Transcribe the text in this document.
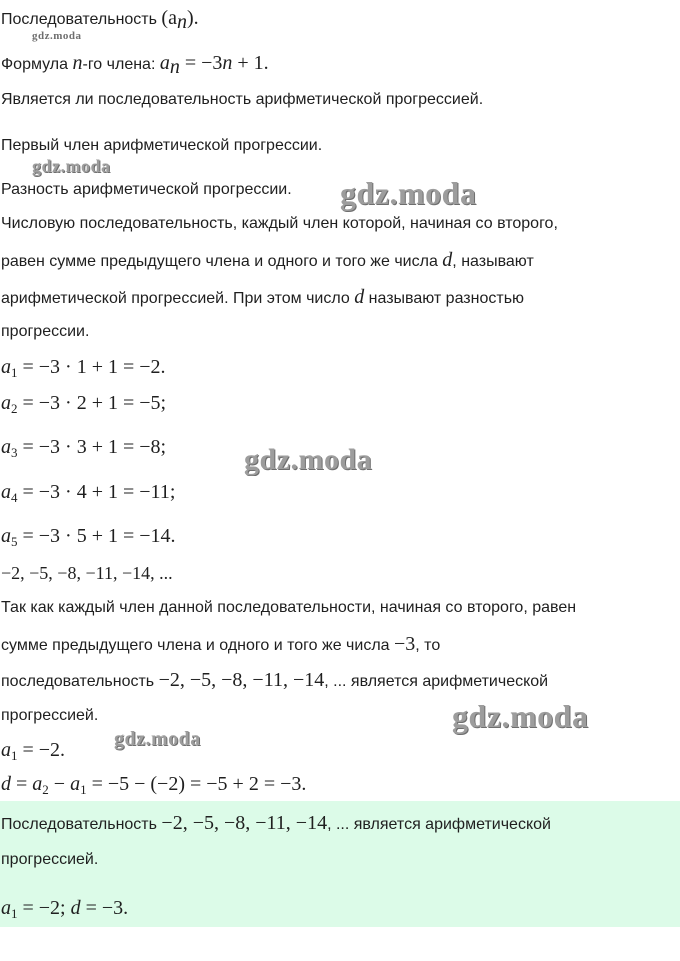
Последовательность $(a_n)$.
Формула n-го члена: $a_n = -3n + 1$.
Является ли последовательность арифметической прогрессией.
Первый член арифметической прогрессии.
Разность арифметической прогрессии.
Числовую последовательность, каждый член которой, начиная со второго,
равен сумме предыдущего члена и одного и того же числа d, называют
арифметической прогрессией. При этом число d называют разностью
прогрессии.
$a_1 = -3 \cdot 1 + 1 = -2$.
$a_2 = -3 \cdot 2 + 1 = -5$;
$a_3 = -3 \cdot 3 + 1 = -8$;
$a_4 = -3 \cdot 4 + 1 = -11$;
$a_5 = -3 \cdot 5 + 1 = -14$.
−2, −5, −8, −11, −14, ...
Так как каждый член данной последовательности, начиная со второго, равен
сумме предыдущего члена и одного и того же числа −3, то
последовательность −2, −5, −8, −11, −14, ... является арифметической
прогрессией.
$a_1 = -2$.
$d = a_2 - a_1 = -5 - (-2) = -5 + 2 = -3$.
Последовательность −2, −5, −8, −11, −14, ... является арифметической
прогрессией.
$a_1 = -2$; d = −3.
gdz.moda
gdz.moda
gdz.moda
gdz.moda
gdz.moda
gdz.moda
